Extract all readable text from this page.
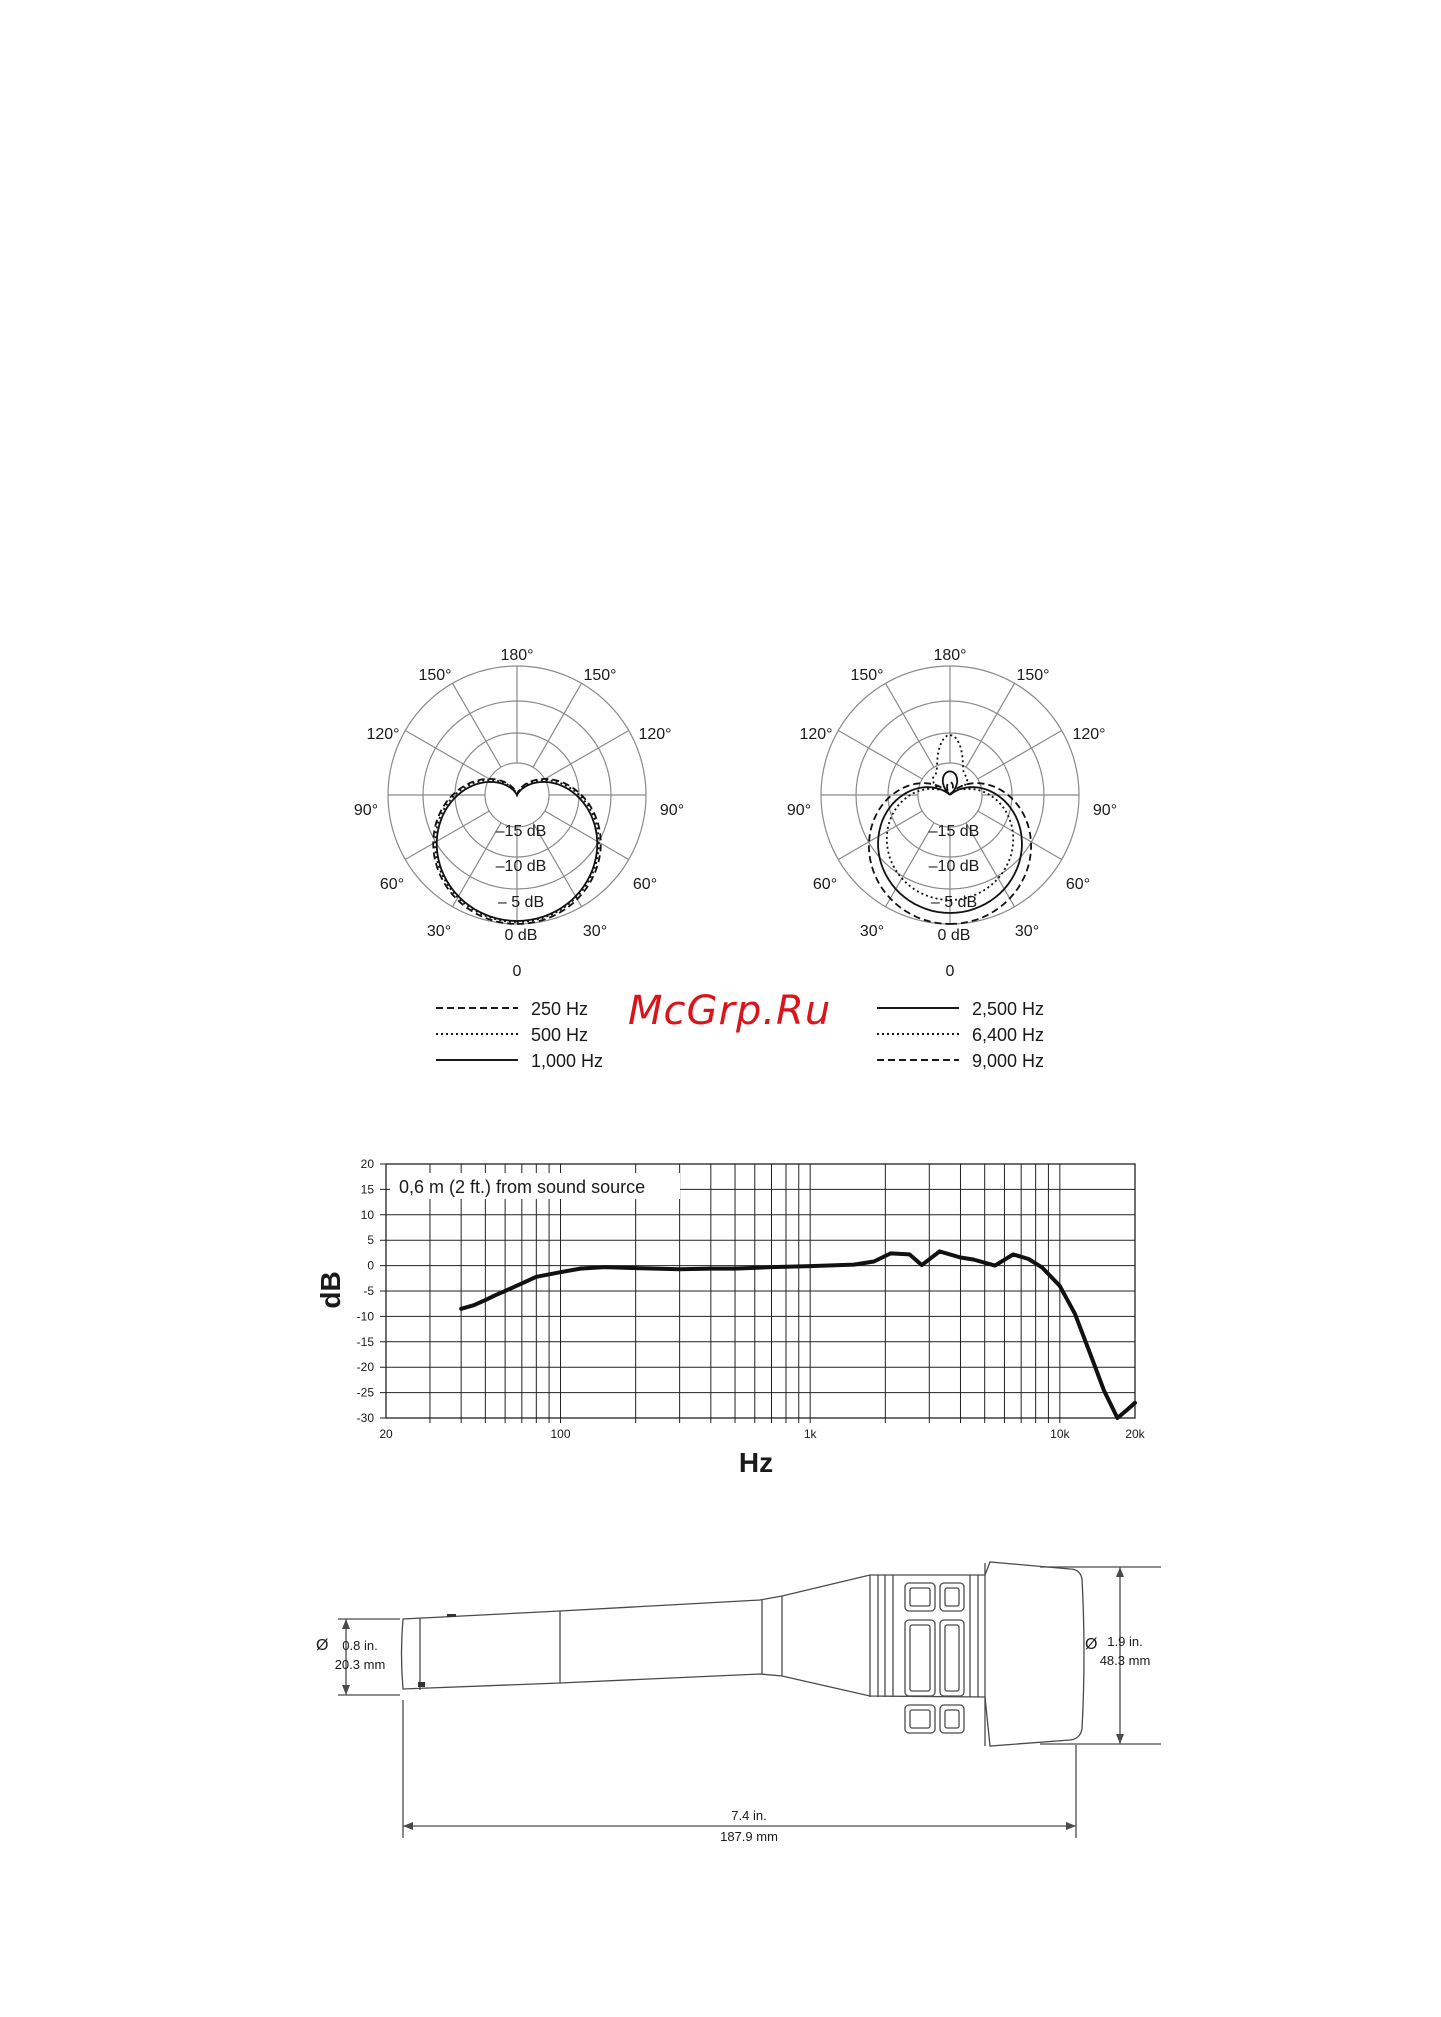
180°
150°	150°
120°	120°
90°	90°
60°	60°
30°	30°
0
–15 dB
–10 dB
– 5 dB
0 dB
180°
150°	150°
120°	120°
90°	90°
60°	60°
30°	30°
0
–15 dB
–10 dB
– 5 dB
0 dB
250 Hz
500 Hz
1,000 Hz
2,500 Hz
6,400 Hz
9,000 Hz
McGrp.Ru
20
15
10
5
0
-5
-10
-15
-20
-25
-30
20	100	1k	10k	20k
0,6 m (2 ft.) from sound source
dB
Hz
Ø 0.8 in.
20.3 mm
Ø 1.9 in.
48.3 mm
7.4 in.
187.9 mm
